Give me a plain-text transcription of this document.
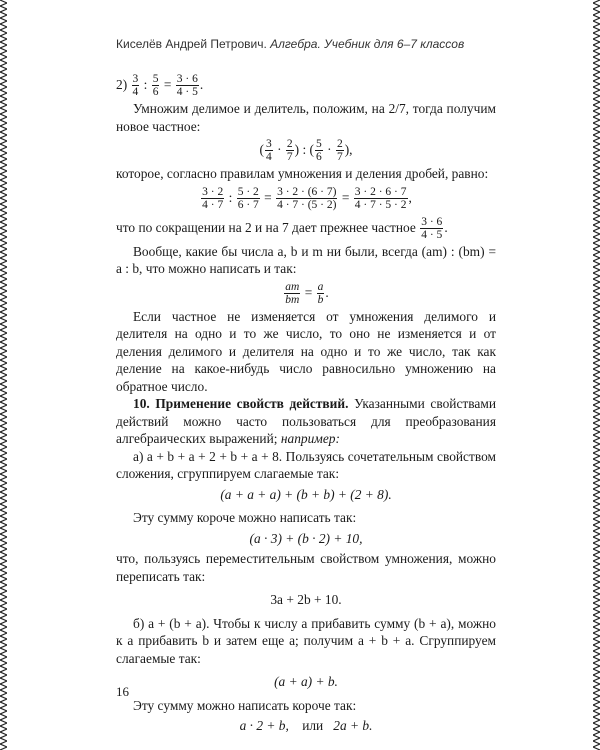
Киселёв Андрей Петрович. Алгебра. Учебник для 6–7 классов
$2) \frac{3}{4}$ : $\frac{5}{6} = \frac{3 \cdot 6}{4 \cdot 5}$ .

Умножим делимое и делитель, положим, на 2/7, тогда получим новое частное:

( $\frac{3}{4} \cdot \frac{2}{7}$ ) : ( $\frac{5}{6} \cdot \frac{2}{7}$ ),

которое, согласно правилам умножения и деления дробей, равно:

$\frac{3 \cdot 2}{4 \cdot 7}$ : $\frac{5 \cdot 2}{6 \cdot 7} = \frac{3 \cdot 2 \cdot (6 \cdot 7)}{4 \cdot 7 \cdot (5 \cdot 2)} = \frac{3 \cdot 2 \cdot 6 \cdot 7}{4 \cdot 7 \cdot 5 \cdot 2}$ ,
что по сокращении на 2 и на 7 дает прежнее частное $\frac{3 \cdot 6}{4 \cdot 5}$ .

Вообще, какие бы числа a, b и m ни были, всегда (am) : (bm) = a : b, что можно написать и так:

$\frac{am}{bm} = \frac{a}{b}$ .

Если частное не изменяется от умножения делимого и делителя на одно и то же число, то оно не изменяется и от деления делимого и делителя на одно и то же число, так как деление на какое-нибудь число равносильно умножению на обратное число.

10. Применение свойств действий. Указанными свойствами действий можно часто пользоваться для преобразования алгебраических выражений; например:

а) a + b + a + 2 + b + a + 8. Пользуясь сочетательным свойством сложения, сгруппируем слагаемые так:

(a + a + a) + (b + b) + (2 + 8).

Эту сумму короче можно написать так:

(a · 3) + (b · 2) + 10,

что, пользуясь переместительным свойством умножения, можно переписать так:

3a + 2b + 10.

б) a + (b + a). Чтобы к числу a прибавить сумму (b + a), можно к a прибавить b и затем еще a; получим a + b + a. Сгруппируем слагаемые так:

(a + a) + b.

Эту сумму можно написать короче так:

a · 2 + b, или 2a + b.

16
